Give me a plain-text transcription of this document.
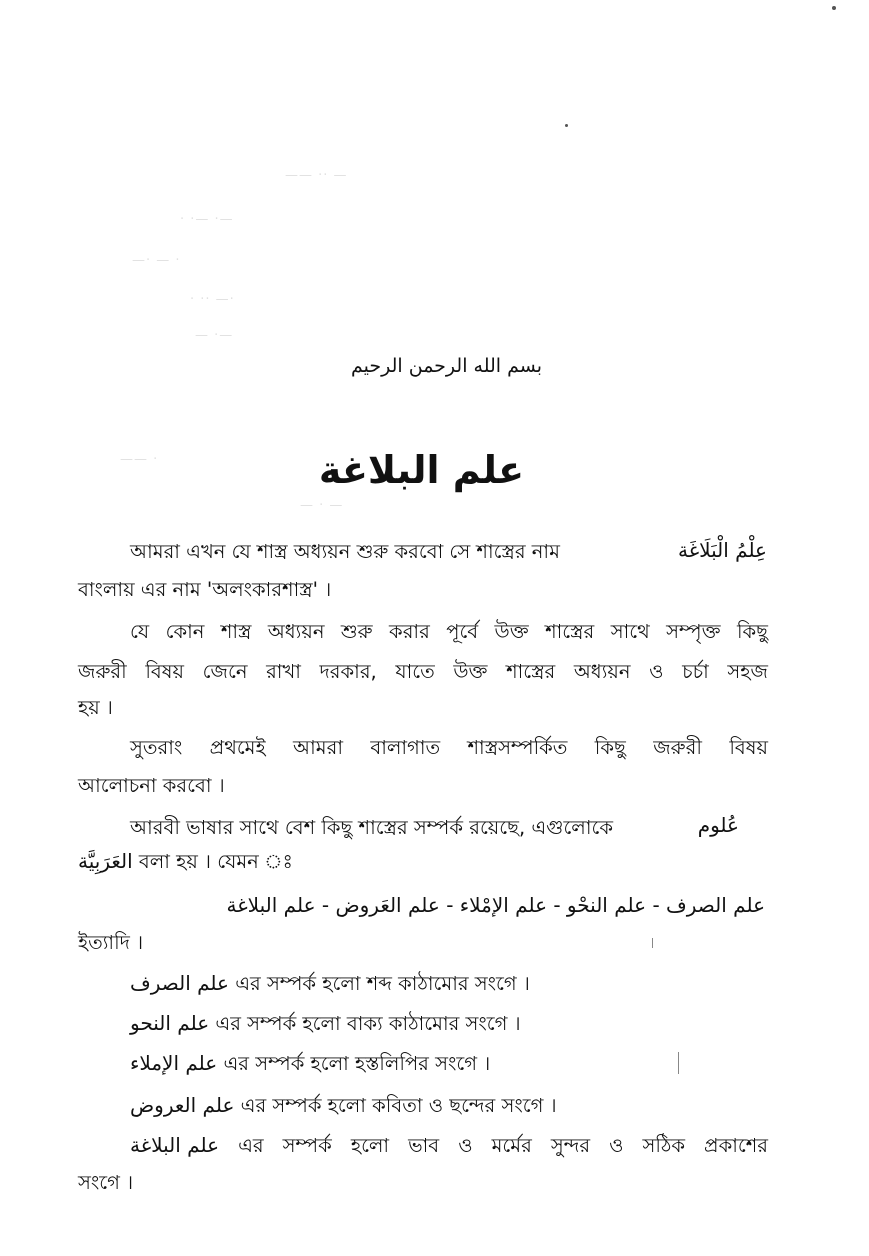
—— ·· —
· ·— ·—
—· — ·
· ·· —·
— ·—
—— ·
— · —
بسم الله الرحمن الرحيم
علم البلاغة
আমরা এখন যে শাস্ত্র অধ্যয়ন শুরু করবো সে শাস্ত্রের নাম	عِلْمُ الْبَلَاغَة
বাংলায় এর নাম 'অলংকারশাস্ত্র' ।
যে কোন শাস্ত্র অধ্যয়ন শুরু করার পূর্বে উক্ত শাস্ত্রের সাথে সম্পৃক্ত কিছু
জরুরী বিষয় জেনে রাখা দরকার, যাতে উক্ত শাস্ত্রের অধ্যয়ন ও চর্চা সহজ
হয় ।
সুতরাং প্রথমেই আমরা বালাগাত শাস্ত্রসম্পর্কিত কিছু জরুরী বিষয়
আলোচনা করবো ।
আরবী ভাষার সাথে বেশ কিছু শাস্ত্রের সম্পর্ক রয়েছে, এগুলোকে	عُلوم
العَرَبِيَّة বলা হয় । যেমন ঃ
علم الصرف - علم النحْو - علم الإمْلاء - علم العَروض - علم البلاغة
ইত্যাদি ।
علم الصرف এর সম্পর্ক হলো শব্দ কাঠামোর সংগে ।
علم النحو এর সম্পর্ক হলো বাক্য কাঠামোর সংগে ।
علم الإملاء এর সম্পর্ক হলো হস্তলিপির সংগে ।
علم العروض এর সম্পর্ক হলো কবিতা ও ছন্দের সংগে ।
علم البلاغة এর সম্পর্ক হলো ভাব ও মর্মের সুন্দর ও সঠিক প্রকাশের
সংগে ।
